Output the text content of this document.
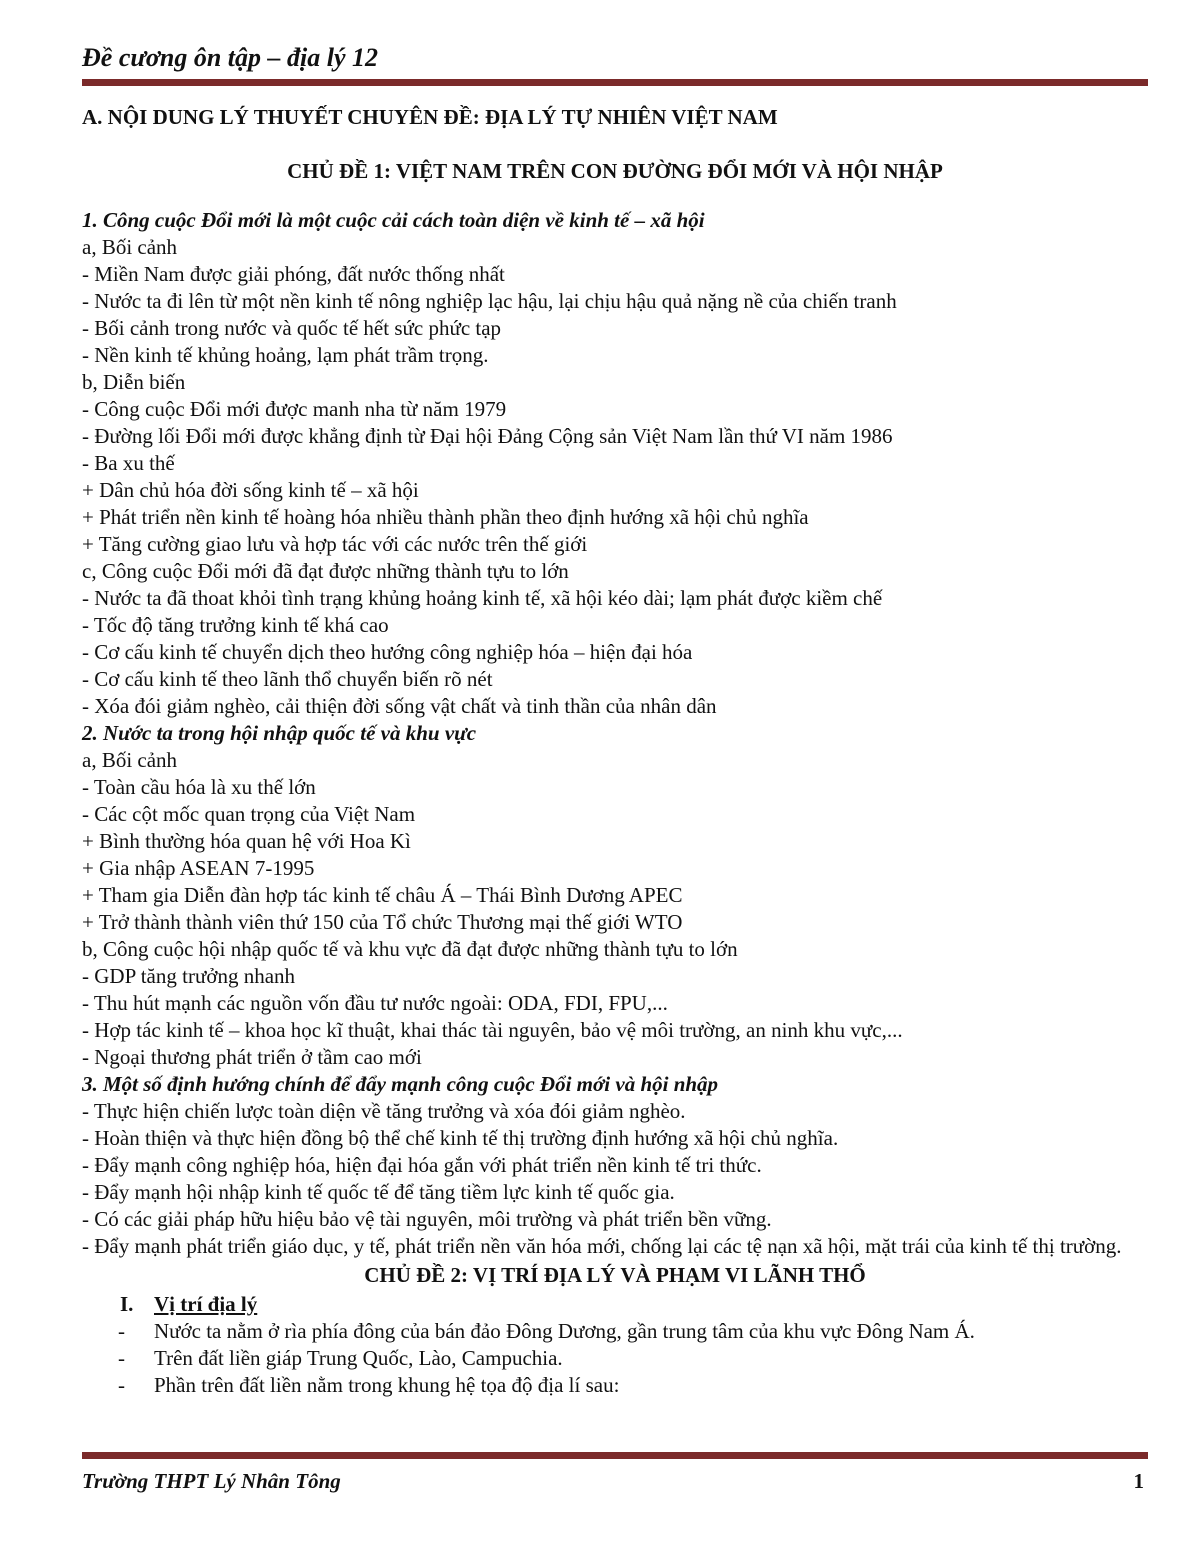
Đề cương ôn tập – địa lý 12

A. NỘI DUNG LÝ THUYẾT CHUYÊN ĐỀ: ĐỊA LÝ TỰ NHIÊN VIỆT NAM

CHỦ ĐỀ 1: VIỆT NAM TRÊN CON ĐƯỜNG ĐỔI MỚI VÀ HỘI NHẬP

1. Công cuộc Đổi mới là một cuộc cải cách toàn diện về kinh tế – xã hội

a, Bối cảnh

- Miền Nam được giải phóng, đất nước thống nhất

- Nước ta đi lên từ một nền kinh tế nông nghiệp lạc hậu, lại chịu hậu quả nặng nề của chiến tranh

- Bối cảnh trong nước và quốc tế hết sức phức tạp

- Nền kinh tế khủng hoảng, lạm phát trầm trọng.

b, Diễn biến

- Công cuộc Đổi mới được manh nha từ năm 1979

- Đường lối Đổi mới được khẳng định từ Đại hội Đảng Cộng sản Việt Nam lần thứ VI năm 1986

- Ba xu thế

+ Dân chủ hóa đời sống kinh tế – xã hội

+ Phát triển nền kinh tế hoàng hóa nhiều thành phần theo định hướng xã hội chủ nghĩa

+ Tăng cường giao lưu và hợp tác với các nước trên thế giới

c, Công cuộc Đổi mới đã đạt được những thành tựu to lớn

- Nước ta đã thoat khỏi tình trạng khủng hoảng kinh tế, xã hội kéo dài; lạm phát được kiềm chế

- Tốc độ tăng trưởng kinh tế khá cao

- Cơ cấu kinh tế chuyển dịch theo hướng công nghiệp hóa – hiện đại hóa

- Cơ cấu kinh tế theo lãnh thổ chuyển biến rõ nét

- Xóa đói giảm nghèo, cải thiện đời sống vật chất và tinh thần của nhân dân

2. Nước ta trong hội nhập quốc tế và khu vực

a, Bối cảnh

- Toàn cầu hóa là xu thế lớn

- Các cột mốc quan trọng của Việt Nam

+ Bình thường hóa quan hệ với Hoa Kì

+ Gia nhập ASEAN 7-1995

+ Tham gia Diễn đàn hợp tác kinh tế châu Á – Thái Bình Dương APEC

+ Trở thành thành viên thứ 150 của Tổ chức Thương mại thế giới WTO

b, Công cuộc hội nhập quốc tế và khu vực đã đạt được những thành tựu to lớn

- GDP tăng trưởng nhanh

- Thu hút mạnh các nguồn vốn đầu tư nước ngoài: ODA, FDI, FPU,...

- Hợp tác kinh tế – khoa học kĩ thuật, khai thác tài nguyên, bảo vệ môi trường, an ninh khu vực,...

- Ngoại thương phát triển ở tầm cao mới

3. Một số định hướng chính để đẩy mạnh công cuộc Đổi mới và hội nhập

- Thực hiện chiến lược toàn diện về tăng trưởng và xóa đói giảm nghèo.

- Hoàn thiện và thực hiện đồng bộ thể chế kinh tế thị trường định hướng xã hội chủ nghĩa.

- Đẩy mạnh công nghiệp hóa, hiện đại hóa gắn với phát triển nền kinh tế tri thức.

- Đẩy mạnh hội nhập kinh tế quốc tế để tăng tiềm lực kinh tế quốc gia.

- Có các giải pháp hữu hiệu bảo vệ tài nguyên, môi trường và phát triển bền vững.

- Đẩy mạnh phát triển giáo dục, y tế, phát triển nền văn hóa mới, chống lại các tệ nạn xã hội, mặt trái của kinh tế thị trường.

CHỦ ĐỀ 2: VỊ TRÍ ĐỊA LÝ VÀ PHẠM VI LÃNH THỔ

I. Vị trí địa lý

-	Nước ta nằm ở rìa phía đông của bán đảo Đông Dương, gần trung tâm của khu vực Đông Nam Á.

-	Trên đất liền giáp Trung Quốc, Lào, Campuchia.

-	Phần trên đất liền nằm trong khung hệ tọa độ địa lí sau:

Trường THPT Lý Nhân Tông	1
